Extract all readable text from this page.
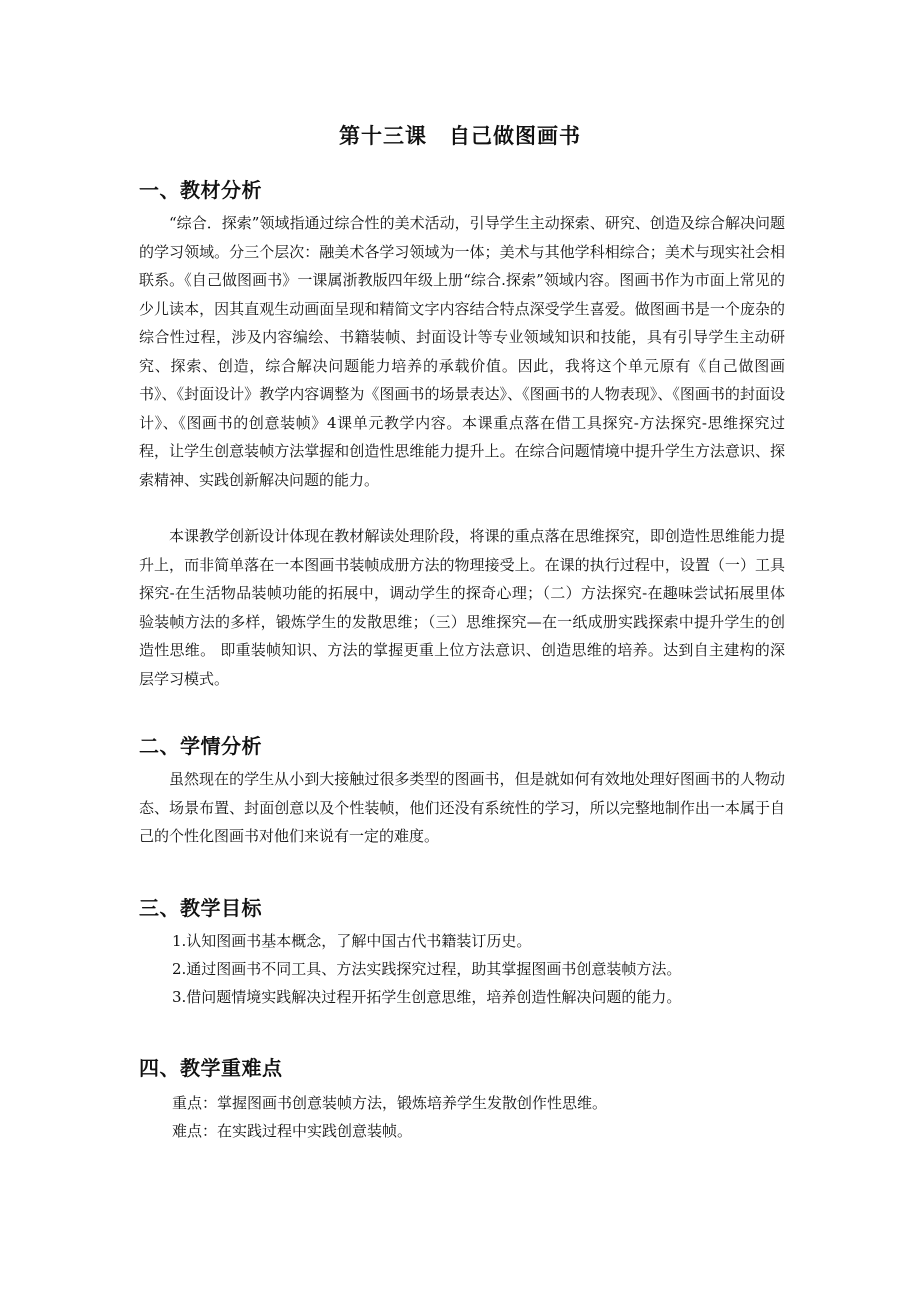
第十三课　自己做图画书
一、教材分析

“综合．探索”领域指通过综合性的美术活动，引导学生主动探索、研究、创造及综合解决问题的学习领域。分三个层次：融美术各学习领域为一体；美术与其他学科相综合；美术与现实社会相联系。《自己做图画书》一课属浙教版四年级上册“综合.探索”领域内容。图画书作为市面上常见的少儿读本，因其直观生动画面呈现和精简文字内容结合特点深受学生喜爱。做图画书是一个庞杂的综合性过程，涉及内容编绘、书籍装帧、封面设计等专业领域知识和技能，具有引导学生主动研究、探索、创造，综合解决问题能力培养的承载价值。因此，我将这个单元原有《自己做图画书》、《封面设计》教学内容调整为《图画书的场景表达》、《图画书的人物表现》、《图画书的封面设计》、《图画书的创意装帧》4课单元教学内容。本课重点落在借工具探究-方法探究-思维探究过程，让学生创意装帧方法掌握和创造性思维能力提升上。在综合问题情境中提升学生方法意识、探索精神、实践创新解决问题的能力。

本课教学创新设计体现在教材解读处理阶段，将课的重点落在思维探究，即创造性思维能力提升上，而非简单落在一本图画书装帧成册方法的物理接受上。在课的执行过程中，设置（一）工具探究-在生活物品装帧功能的拓展中，调动学生的探奇心理；（二）方法探究-在趣味尝试拓展里体验装帧方法的多样，锻炼学生的发散思维；（三）思维探究—在一纸成册实践探索中提升学生的创造性思维。 即重装帧知识、方法的掌握更重上位方法意识、创造思维的培养。达到自主建构的深层学习模式。

二、学情分析

虽然现在的学生从小到大接触过很多类型的图画书，但是就如何有效地处理好图画书的人物动态、场景布置、封面创意以及个性装帧，他们还没有系统性的学习，所以完整地制作出一本属于自己的个性化图画书对他们来说有一定的难度。

三、教学目标
1.认知图画书基本概念，了解中国古代书籍装订历史。
2.通过图画书不同工具、方法实践探究过程，助其掌握图画书创意装帧方法。
3.借问题情境实践解决过程开拓学生创意思维，培养创造性解决问题的能力。
四、教学重难点
重点：掌握图画书创意装帧方法，锻炼培养学生发散创作性思维。
难点：在实践过程中实践创意装帧。
